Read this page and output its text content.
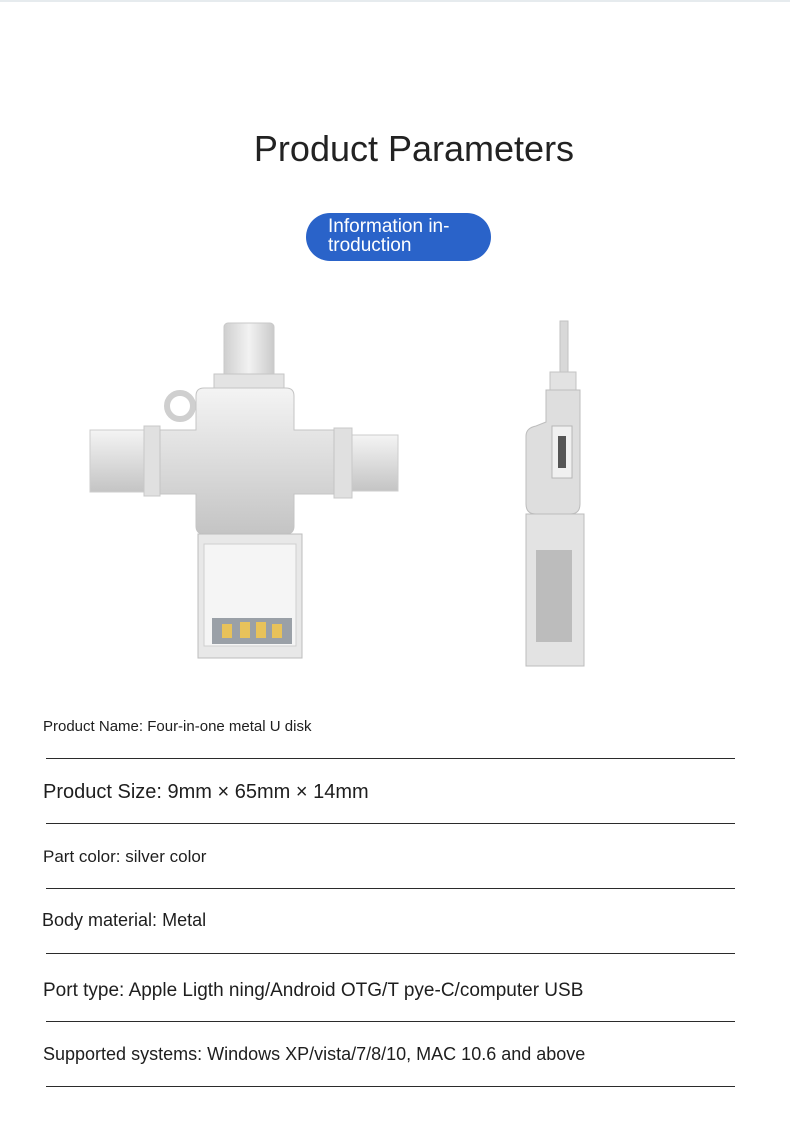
Product Parameters
Information in-
troduction
Product Name: Four-in-one metal U disk
Product Size: 9mm × 65mm × 14mm
Part color: silver color
Body material: Metal
Port type: Apple Ligth ning/Android OTG/T pye-C/computer USB
Supported systems: Windows XP/vista/7/8/10, MAC 10.6 and above
